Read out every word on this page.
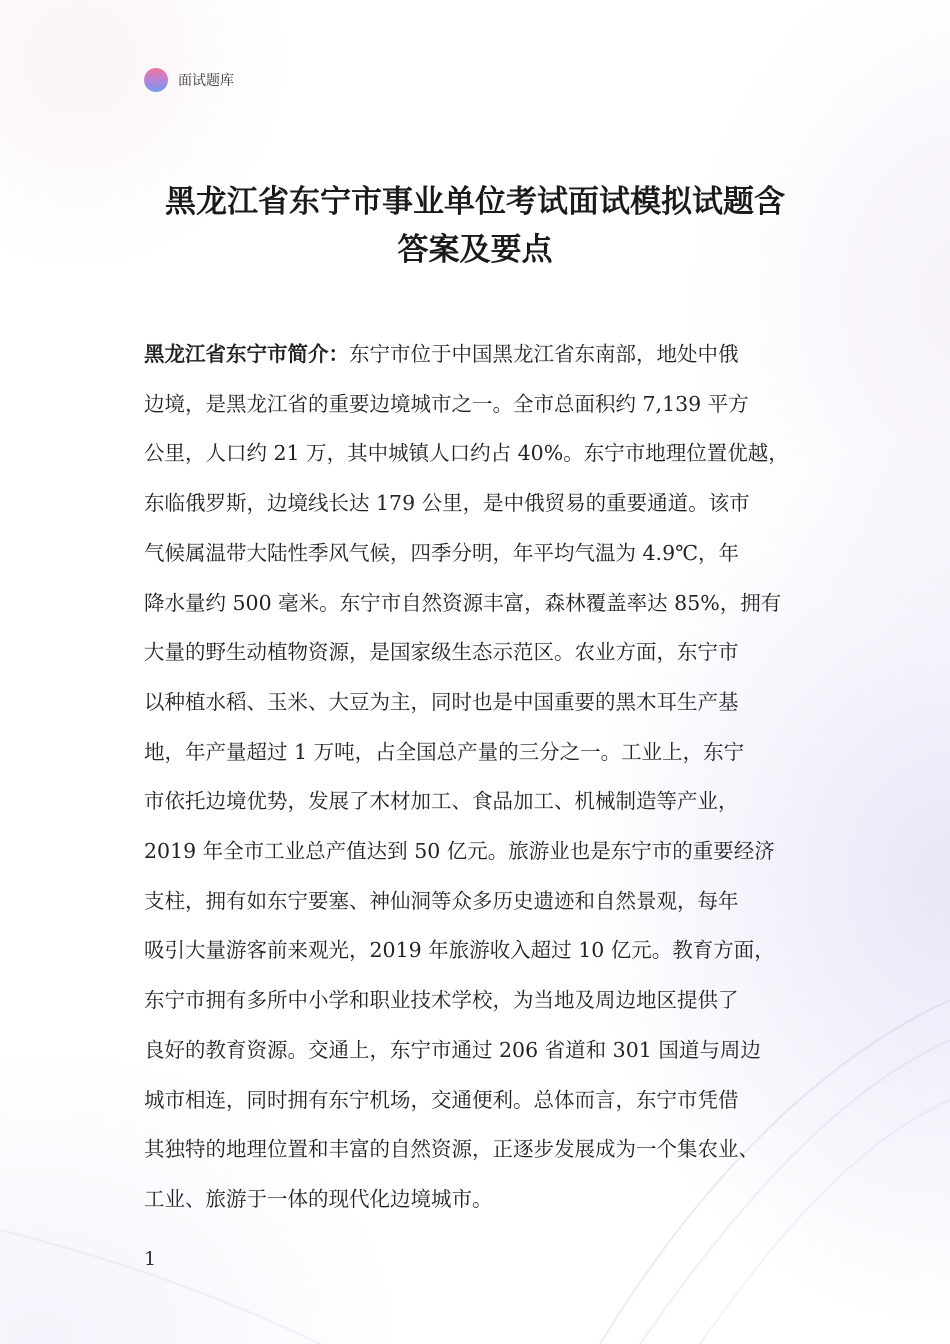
面试题库
黑龙江省东宁市事业单位考试面试模拟试题含
答案及要点
黑龙江省东宁市简介：东宁市位于中国黑龙江省东南部，地处中俄
边境，是黑龙江省的重要边境城市之一。全市总面积约 7,139 平方
公里，人口约 21 万，其中城镇人口约占 40%。东宁市地理位置优越，
东临俄罗斯，边境线长达 179 公里，是中俄贸易的重要通道。该市
气候属温带大陆性季风气候，四季分明，年平均气温为 4.9℃，年
降水量约 500 毫米。东宁市自然资源丰富，森林覆盖率达 85%，拥有
大量的野生动植物资源，是国家级生态示范区。农业方面，东宁市
以种植水稻、玉米、大豆为主，同时也是中国重要的黑木耳生产基
地，年产量超过 1 万吨，占全国总产量的三分之一。工业上，东宁
市依托边境优势，发展了木材加工、食品加工、机械制造等产业，
2019 年全市工业总产值达到 50 亿元。旅游业也是东宁市的重要经济
支柱，拥有如东宁要塞、神仙洞等众多历史遗迹和自然景观，每年
吸引大量游客前来观光，2019 年旅游收入超过 10 亿元。教育方面，
东宁市拥有多所中小学和职业技术学校，为当地及周边地区提供了
良好的教育资源。交通上，东宁市通过 206 省道和 301 国道与周边
城市相连，同时拥有东宁机场，交通便利。总体而言，东宁市凭借
其独特的地理位置和丰富的自然资源，正逐步发展成为一个集农业、
工业、旅游于一体的现代化边境城市。
1
